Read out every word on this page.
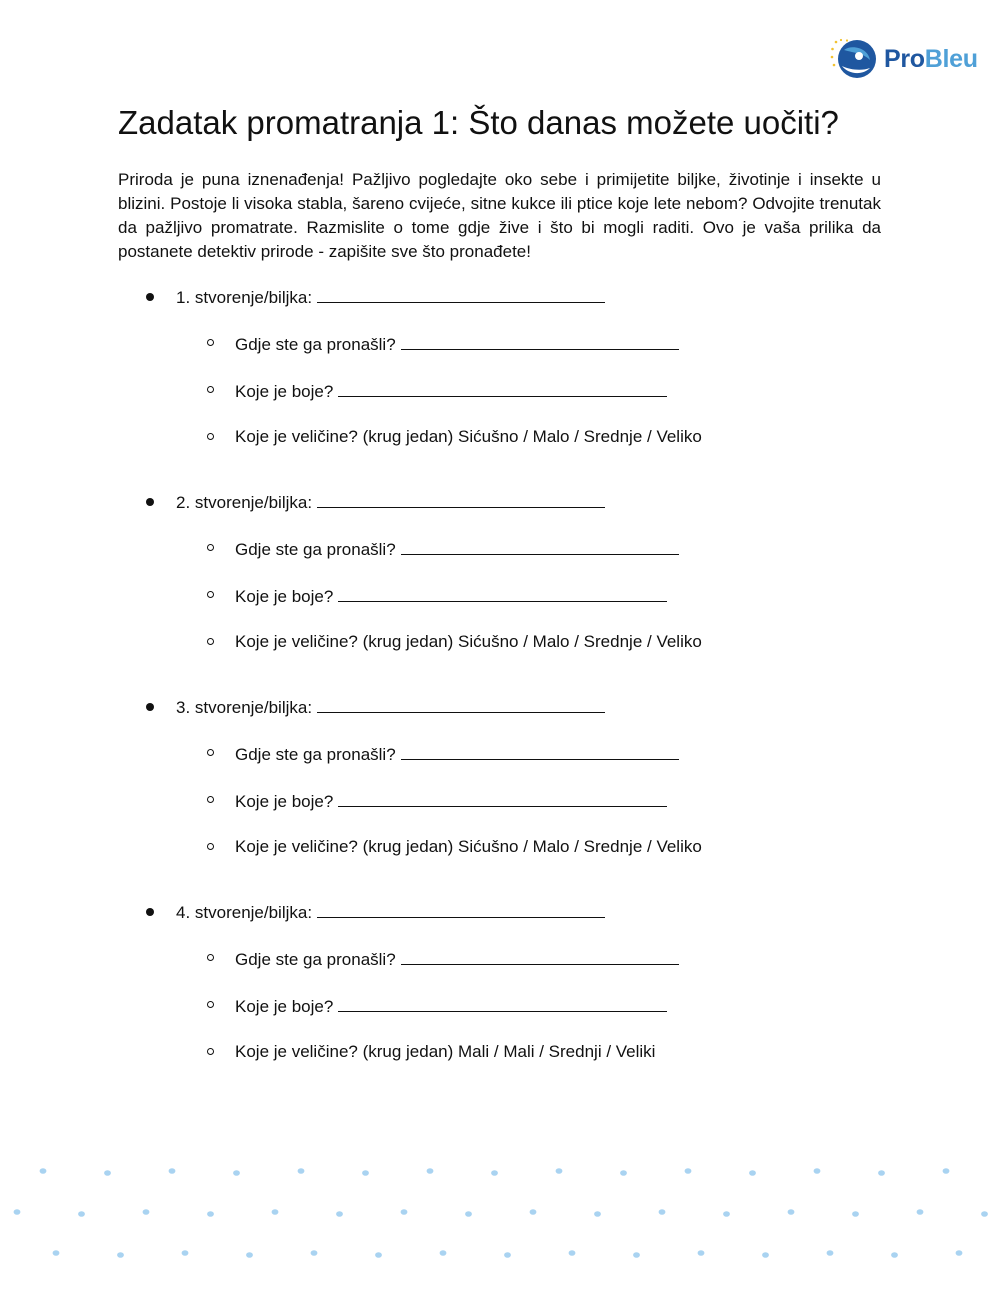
ProBleu
Zadatak promatranja 1: Što danas možete uočiti?

Priroda je puna iznenađenja! Pažljivo pogledajte oko sebe i primijetite biljke, životinje i insekte u blizini. Postoje li visoka stabla, šareno cvijeće, sitne kukce ili ptice koje lete nebom? Odvojite trenutak da pažljivo promatrate. Razmislite o tome gdje žive i što bi mogli raditi. Ovo je vaša prilika da postanete detektiv prirode - zapišite sve što pronađete!

1. stvorenje/biljka:
Gdje ste ga pronašli?
Koje je boje?
Koje je veličine? (krug jedan) Sićušno / Malo / Srednje / Veliko
2. stvorenje/biljka:
Gdje ste ga pronašli?
Koje je boje?
Koje je veličine? (krug jedan) Sićušno / Malo / Srednje / Veliko
3. stvorenje/biljka:
Gdje ste ga pronašli?
Koje je boje?
Koje je veličine? (krug jedan) Sićušno / Malo / Srednje / Veliko
4. stvorenje/biljka:
Gdje ste ga pronašli?
Koje je boje?
Koje je veličine? (krug jedan) Mali / Mali / Srednji / Veliki
